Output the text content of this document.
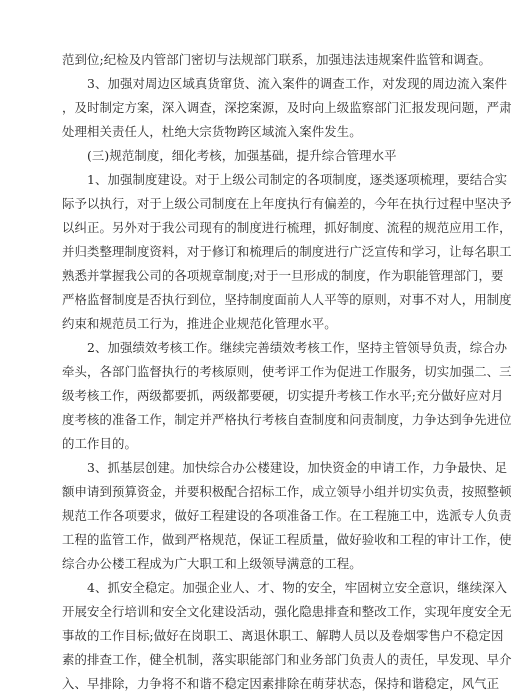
范到位;纪检及内管部门密切与法规部门联系，加强违法违规案件监管和调查。

3、加强对周边区域真货窜货、流入案件的调查工作，对发现的周边流入案件
，及时制定方案，深入调查，深挖案源，及时向上级监察部门汇报发现问题，严肃
处理相关责任人，杜绝大宗货物跨区域流入案件发生。

(三)规范制度，细化考核，加强基础，提升综合管理水平

1、加强制度建设。对于上级公司制定的各项制度，逐类逐项梳理，要结合实
际予以执行，对于上级公司制度在上年度执行有偏差的，今年在执行过程中坚决予
以纠正。另外对于我公司现有的制度进行梳理，抓好制度、流程的规范应用工作，
并归类整理制度资料，对于修订和梳理后的制度进行广泛宣传和学习，让每名职工
熟悉并掌握我公司的各项规章制度;对于一旦形成的制度，作为职能管理部门，要
严格监督制度是否执行到位，坚持制度面前人人平等的原则，对事不对人，用制度
约束和规范员工行为，推进企业规范化管理水平。

2、加强绩效考核工作。继续完善绩效考核工作，坚持主管领导负责，综合办
牵头，各部门监督执行的考核原则，使考评工作为促进工作服务，切实加强二、三
级考核工作，两级都要抓，两级都要硬，切实提升考核工作水平;充分做好应对月
度考核的准备工作，制定并严格执行考核自查制度和问责制度，力争达到争先进位
的工作目的。

3、抓基层创建。加快综合办公楼建设，加快资金的申请工作，力争最快、足
额申请到预算资金，并要积极配合招标工作，成立领导小组并切实负责，按照整顿
规范工作各项要求，做好工程建设的各项准备工作。在工程施工中，选派专人负责
工程的监管工作，做到严格规范，保证工程质量，做好验收和工程的审计工作，使
综合办公楼工程成为广大职工和上级领导满意的工程。

4、抓安全稳定。加强企业人、才、物的安全，牢固树立安全意识，继续深入
开展安全行培训和安全文化建设活动，强化隐患排查和整改工作，实现年度安全无
事故的工作目标;做好在岗职工、离退休职工、解聘人员以及卷烟零售户不稳定因
素的排查工作，健全机制，落实职能部门和业务部门负责人的责任，早发现、早介
入、早排除，力争将不和谐不稳定因素排除在萌芽状态，保持和谐稳定，风气正
